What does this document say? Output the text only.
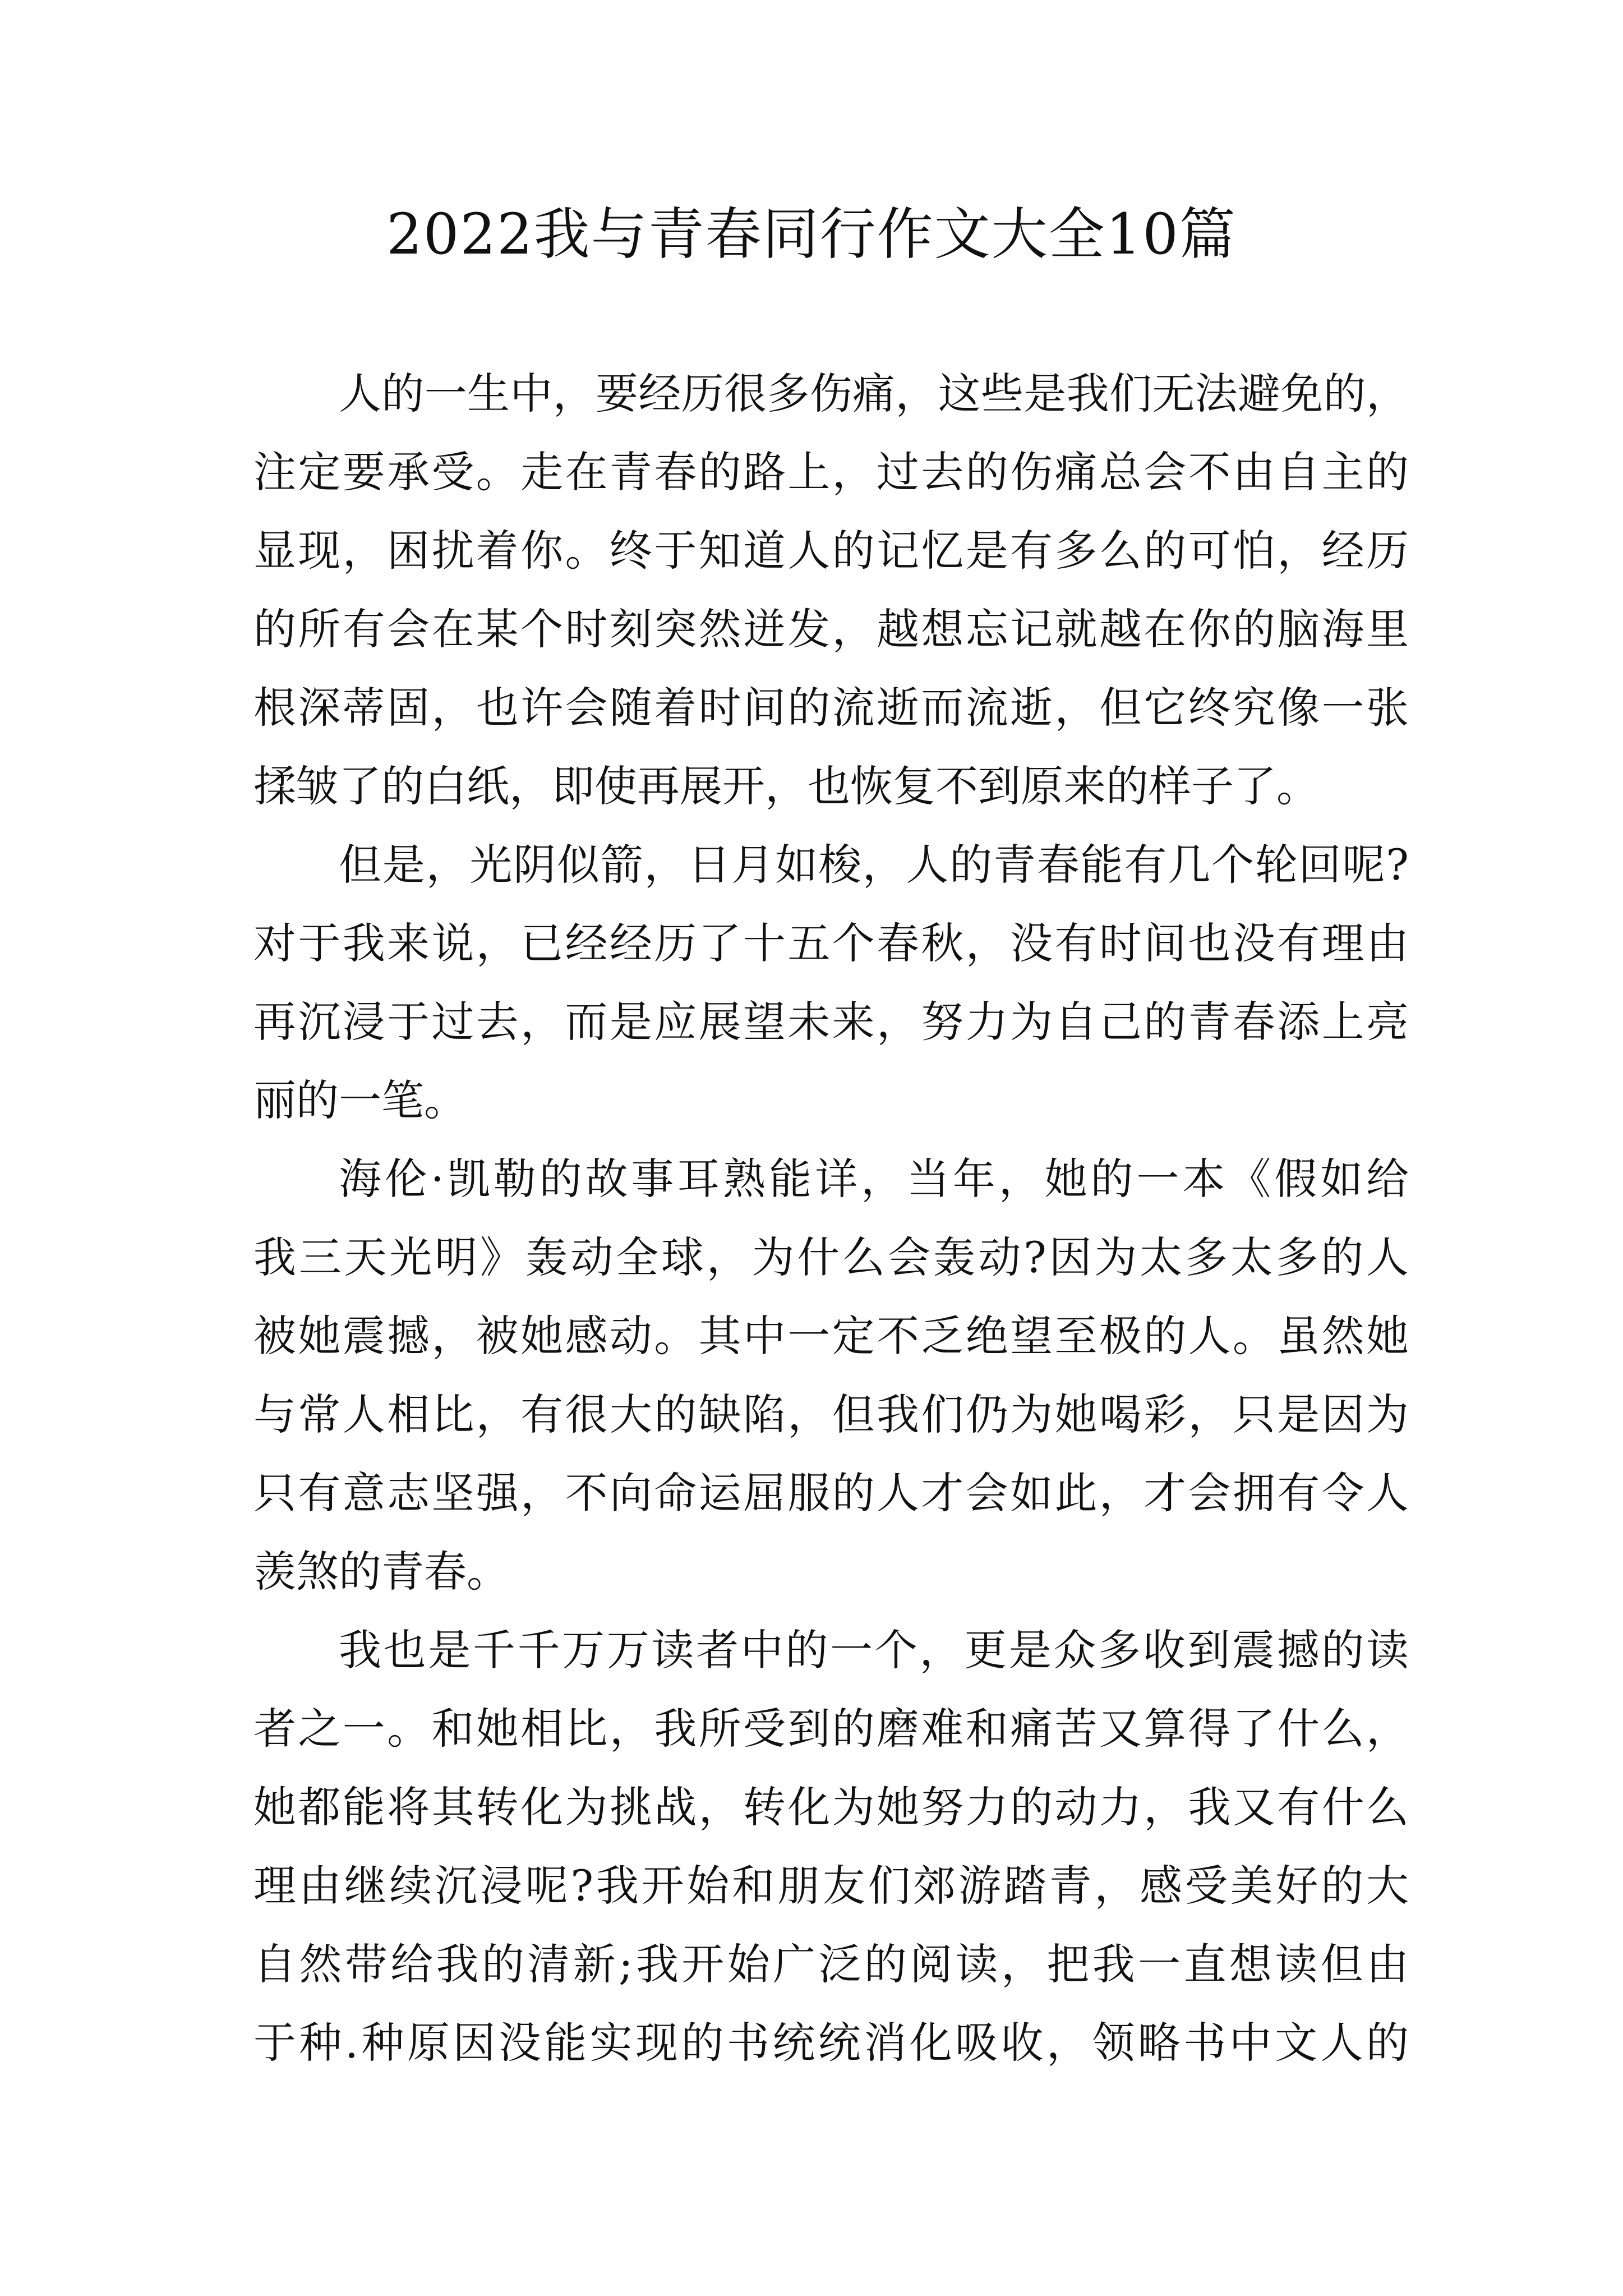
2022我与青春同行作文大全10篇
人的一生中，要经历很多伤痛，这些是我们无法避免的，
注定要承受。走在青春的路上，过去的伤痛总会不由自主的
显现，困扰着你。终于知道人的记忆是有多么的可怕，经历
的所有会在某个时刻突然迸发，越想忘记就越在你的脑海里
根深蒂固，也许会随着时间的流逝而流逝，但它终究像一张
揉皱了的白纸，即使再展开，也恢复不到原来的样子了。
但是，光阴似箭，日月如梭，人的青春能有几个轮回呢?
对于我来说，已经经历了十五个春秋，没有时间也没有理由
再沉浸于过去，而是应展望未来，努力为自己的青春添上亮
丽的一笔。
海伦·凯勒的故事耳熟能详，当年，她的一本《假如给
我三天光明》轰动全球，为什么会轰动?因为太多太多的人
被她震撼，被她感动。其中一定不乏绝望至极的人。虽然她
与常人相比，有很大的缺陷，但我们仍为她喝彩，只是因为
只有意志坚强，不向命运屈服的人才会如此，才会拥有令人
羡煞的青春。
我也是千千万万读者中的一个，更是众多收到震撼的读
者之一。和她相比，我所受到的磨难和痛苦又算得了什么，
她都能将其转化为挑战，转化为她努力的动力，我又有什么
理由继续沉浸呢?我开始和朋友们郊游踏青，感受美好的大
自然带给我的清新;我开始广泛的阅读，把我一直想读但由
于种.种原因没能实现的书统统消化吸收，领略书中文人的
